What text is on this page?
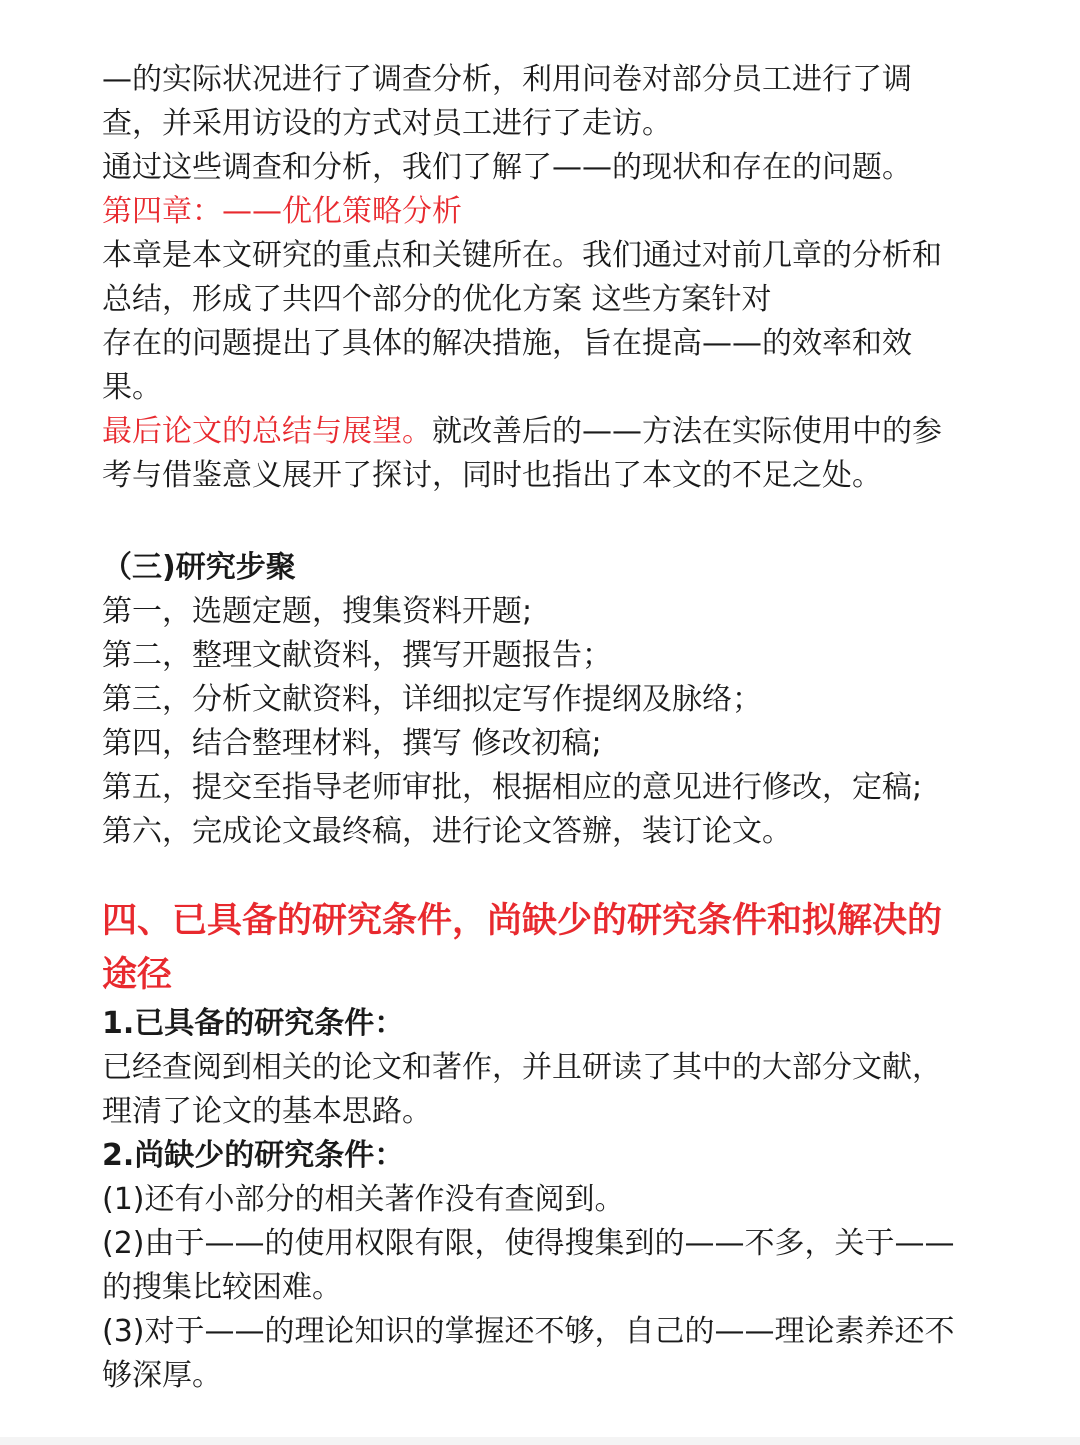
—的实际状况进行了调查分析，利用问卷对部分员工进行了调
查，并采用访设的方式对员工进行了走访。
通过这些调查和分析，我们了解了——的现状和存在的问题。
第四章：——优化策略分析
本章是本文研究的重点和关键所在。我们通过对前几章的分析和
总结，形成了共四个部分的优化方案 这些方案针对
存在的问题提出了具体的解决措施，旨在提高——的效率和效
果。
最后论文的总结与展望。就改善后的——方法在实际使用中的参
考与借鉴意义展开了探讨，同时也指出了本文的不足之处。
（三)研究步聚
第一，选题定题，搜集资料开题;
第二，整理文献资料，撰写开题报告；
第三，分析文献资料，详细拟定写作提纲及脉络；
第四，结合整理材料，撰写 修改初稿;
第五，提交至指导老师审批，根据相应的意见进行修改，定稿;
第六，完成论文最终稿，进行论文答辦，装订论文。
四、已具备的研究条件，尚缺少的研究条件和拟解决的
途径
1.已具备的研究条件：
已经查阅到相关的论文和著作，并且研读了其中的大部分文献，
理清了论文的基本思路。
2.尚缺少的研究条件：
(1)还有小部分的相关著作没有查阅到。
(2)由于——的使用权限有限，使得搜集到的——不多，关于——
的搜集比较困难。
(3)对于——的理论知识的掌握还不够，自己的——理论素养还不
够深厚。
